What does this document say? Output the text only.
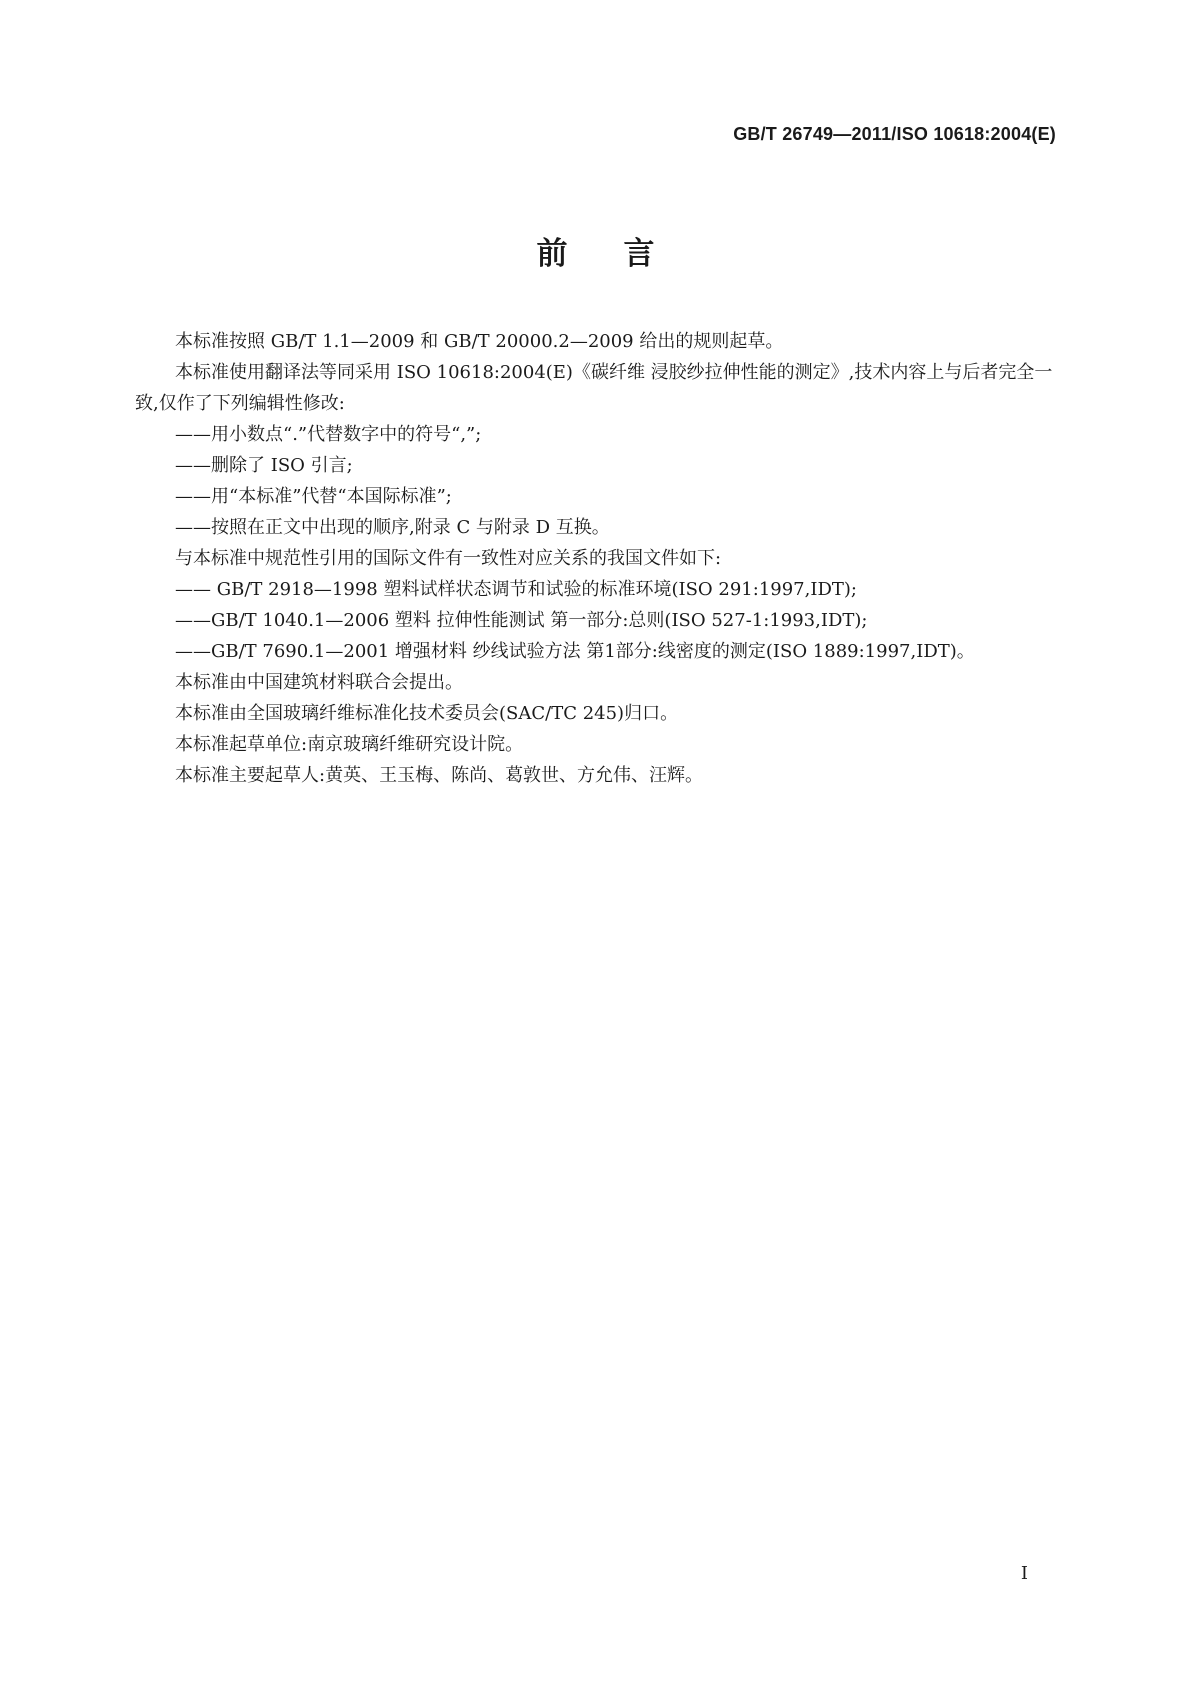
GB/T 26749—2011/ISO 10618:2004(E)
前言

本标准按照 GB/T 1.1—2009 和 GB/T 20000.2—2009 给出的规则起草。

本标准使用翻译法等同采用 ISO 10618:2004(E)《碳纤维 浸胶纱拉伸性能的测定》,技术内容上与后者完全一致,仅作了下列编辑性修改:

——用小数点“.”代替数字中的符号“,”;

——删除了 ISO 引言;

——用“本标准”代替“本国际标准”;

——按照在正文中出现的顺序,附录 C 与附录 D 互换。

与本标准中规范性引用的国际文件有一致性对应关系的我国文件如下:

—— GB/T 2918—1998 塑料试样状态调节和试验的标准环境(ISO 291:1997,IDT);

——GB/T 1040.1—2006 塑料 拉伸性能测试 第一部分:总则(ISO 527-1:1993,IDT);

——GB/T 7690.1—2001 增强材料 纱线试验方法 第1部分:线密度的测定(ISO 1889:1997,IDT)。

本标准由中国建筑材料联合会提出。

本标准由全国玻璃纤维标准化技术委员会(SAC/TC 245)归口。

本标准起草单位:南京玻璃纤维研究设计院。

本标准主要起草人:黄英、王玉梅、陈尚、葛敦世、方允伟、汪辉。

I
